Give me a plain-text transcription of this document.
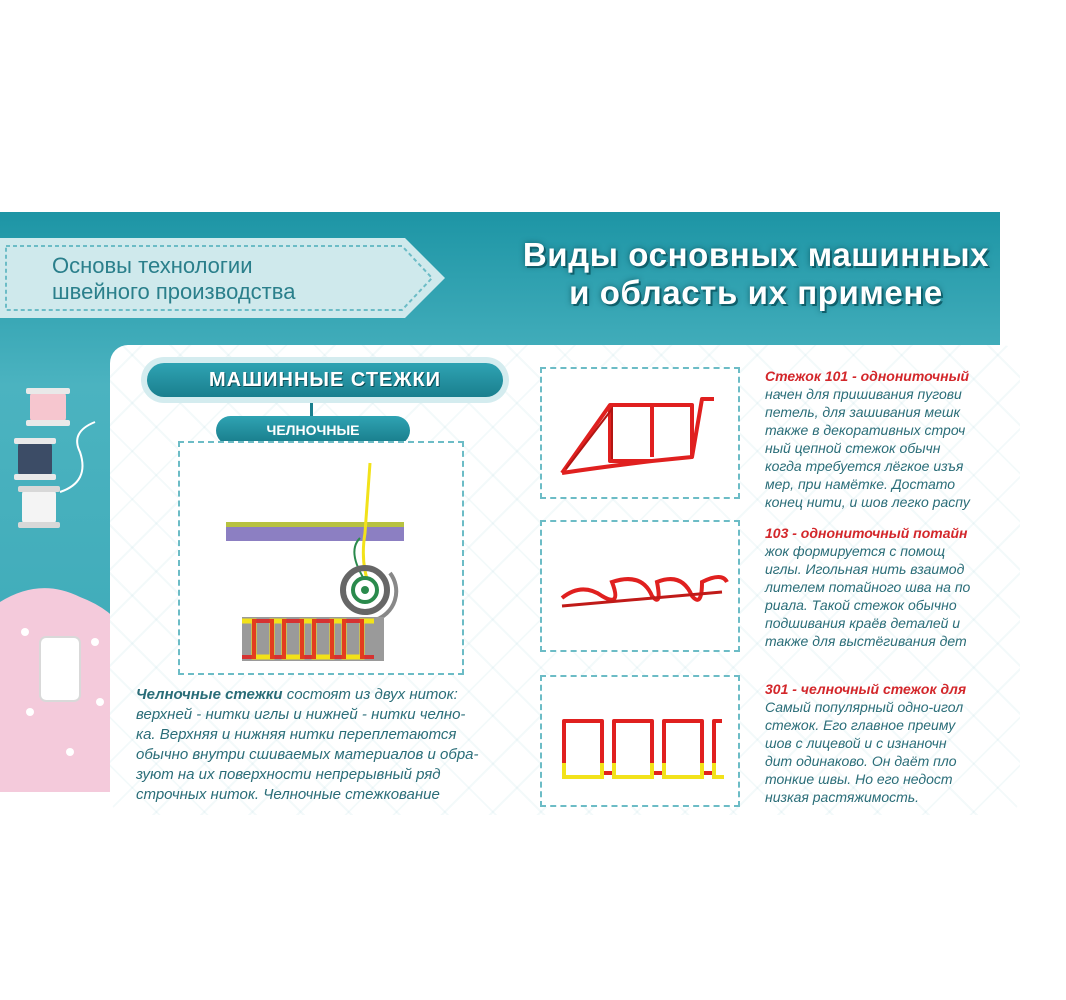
Основы технологии
швейного производства
Виды основных машинных
и область их примене
МАШИННЫЕ СТЕЖКИ
ЧЕЛНОЧНЫЕ
Челночные стежки состоят из двух ниток:
верхней - нитки иглы и нижней - нитки челно-
ка. Верхняя и нижняя нитки переплетаются
обычно внутри сшиваемых материалов и обра-
зуют на их поверхности непрерывный ряд
строчных ниток. Челночные стежкование
Стежок 101 - однониточный
начен для пришивания пугови
петель, для зашивания мешк
также в декоративных строч
ный цепной стежок обычн
когда требуется лёгкое изъя
мер, при намётке. Достато
конец нити, и шов легко распу
103 - однониточный потайн
жок формируется с помощ
иглы. Игольная нить взаимод
лителем потайного шва на по
риала. Такой стежок обычно
подшивания краёв деталей и
также для выстёгивания дет
301 - челночный стежок для
Самый популярный одно-игол
стежок. Его главное преиму
шов с лицевой и с изнаночн
дит одинаково. Он даёт пло
тонкие швы. Но его недост
низкая растяжимость.
